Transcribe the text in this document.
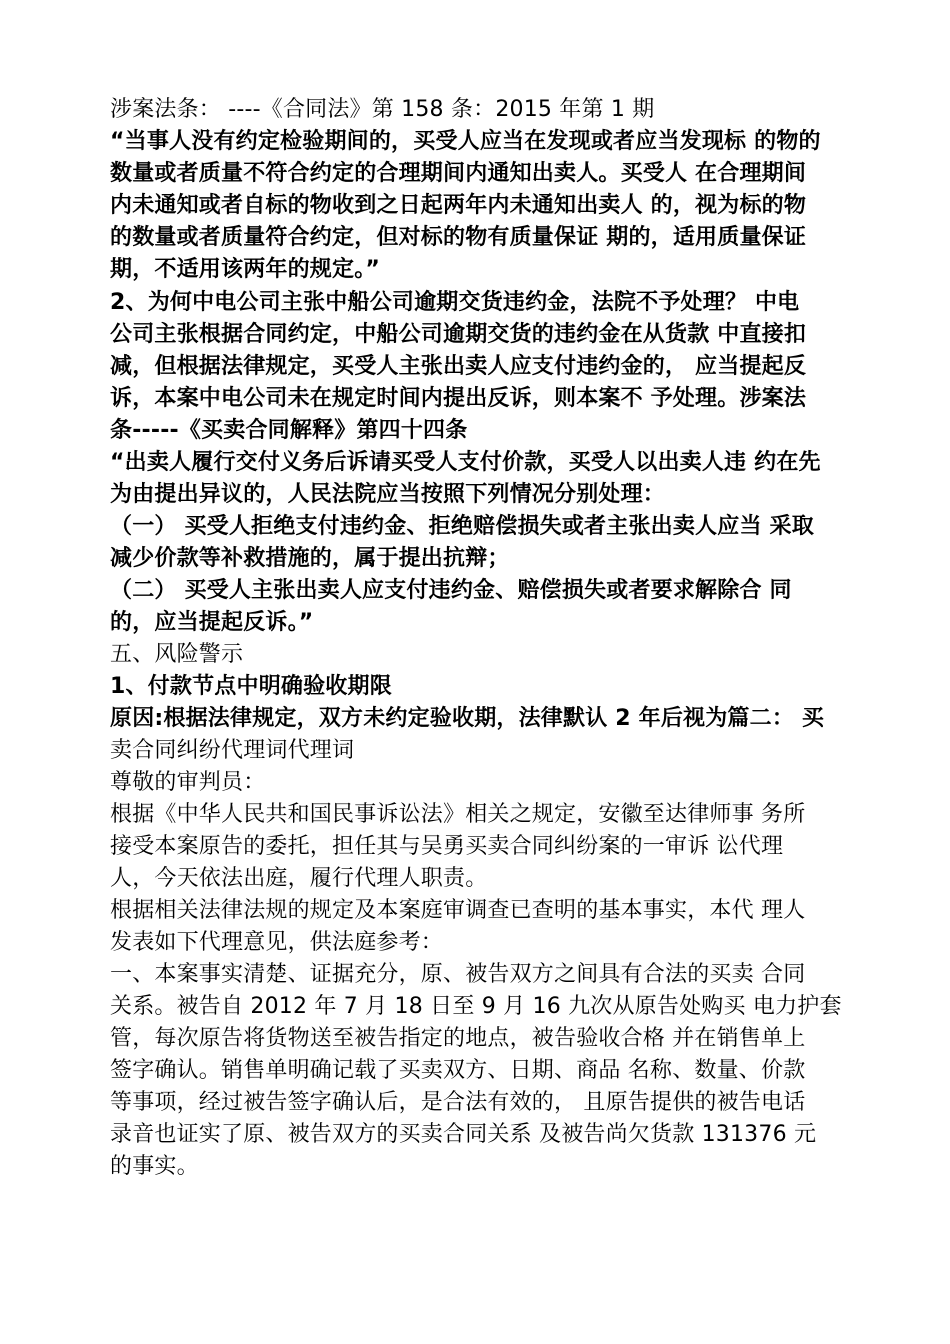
涉案法条： ----《合同法》第 158 条：2015 年第 1 期
“当事人没有约定检验期间的，买受人应当在发现或者应当发现标 的物的
数量或者质量不符合约定的合理期间内通知出卖人。买受人 在合理期间
内未通知或者自标的物收到之日起两年内未通知出卖人 的，视为标的物
的数量或者质量符合约定，但对标的物有质量保证 期的，适用质量保证
期，不适用该两年的规定。”
2、为何中电公司主张中船公司逾期交货违约金，法院不予处理？ 中电
公司主张根据合同约定，中船公司逾期交货的违约金在从货款 中直接扣
减，但根据法律规定，买受人主张出卖人应支付违约金的， 应当提起反
诉，本案中电公司未在规定时间内提出反诉，则本案不 予处理。涉案法
条-----《买卖合同解释》第四十四条
“出卖人履行交付义务后诉请买受人支付价款，买受人以出卖人违 约在先
为由提出异议的，人民法院应当按照下列情况分别处理：
（一） 买受人拒绝支付违约金、拒绝赔偿损失或者主张出卖人应当 采取
减少价款等补救措施的，属于提出抗辩；
（二） 买受人主张出卖人应支付违约金、赔偿损失或者要求解除合 同
的，应当提起反诉。”
五、风险警示
1、付款节点中明确验收期限
原因:根据法律规定，双方未约定验收期，法律默认 2 年后视为篇二： 买
卖合同纠纷代理词代理词
尊敬的审判员：
根据《中华人民共和国民事诉讼法》相关之规定，安徽至达律师事 务所
接受本案原告的委托，担任其与吴勇买卖合同纠纷案的一审诉 讼代理
人，今天依法出庭，履行代理人职责。
根据相关法律法规的规定及本案庭审调查已查明的基本事实，本代 理人
发表如下代理意见，供法庭参考：
一、本案事实清楚、证据充分，原、被告双方之间具有合法的买卖 合同
关系。被告自 2012 年 7 月 18 日至 9 月 16 九次从原告处购买 电力护套
管，每次原告将货物送至被告指定的地点，被告验收合格 并在销售单上
签字确认。销售单明确记载了买卖双方、日期、商品 名称、数量、价款
等事项，经过被告签字确认后，是合法有效的， 且原告提供的被告电话
录音也证实了原、被告双方的买卖合同关系 及被告尚欠货款 131376 元
的事实。
